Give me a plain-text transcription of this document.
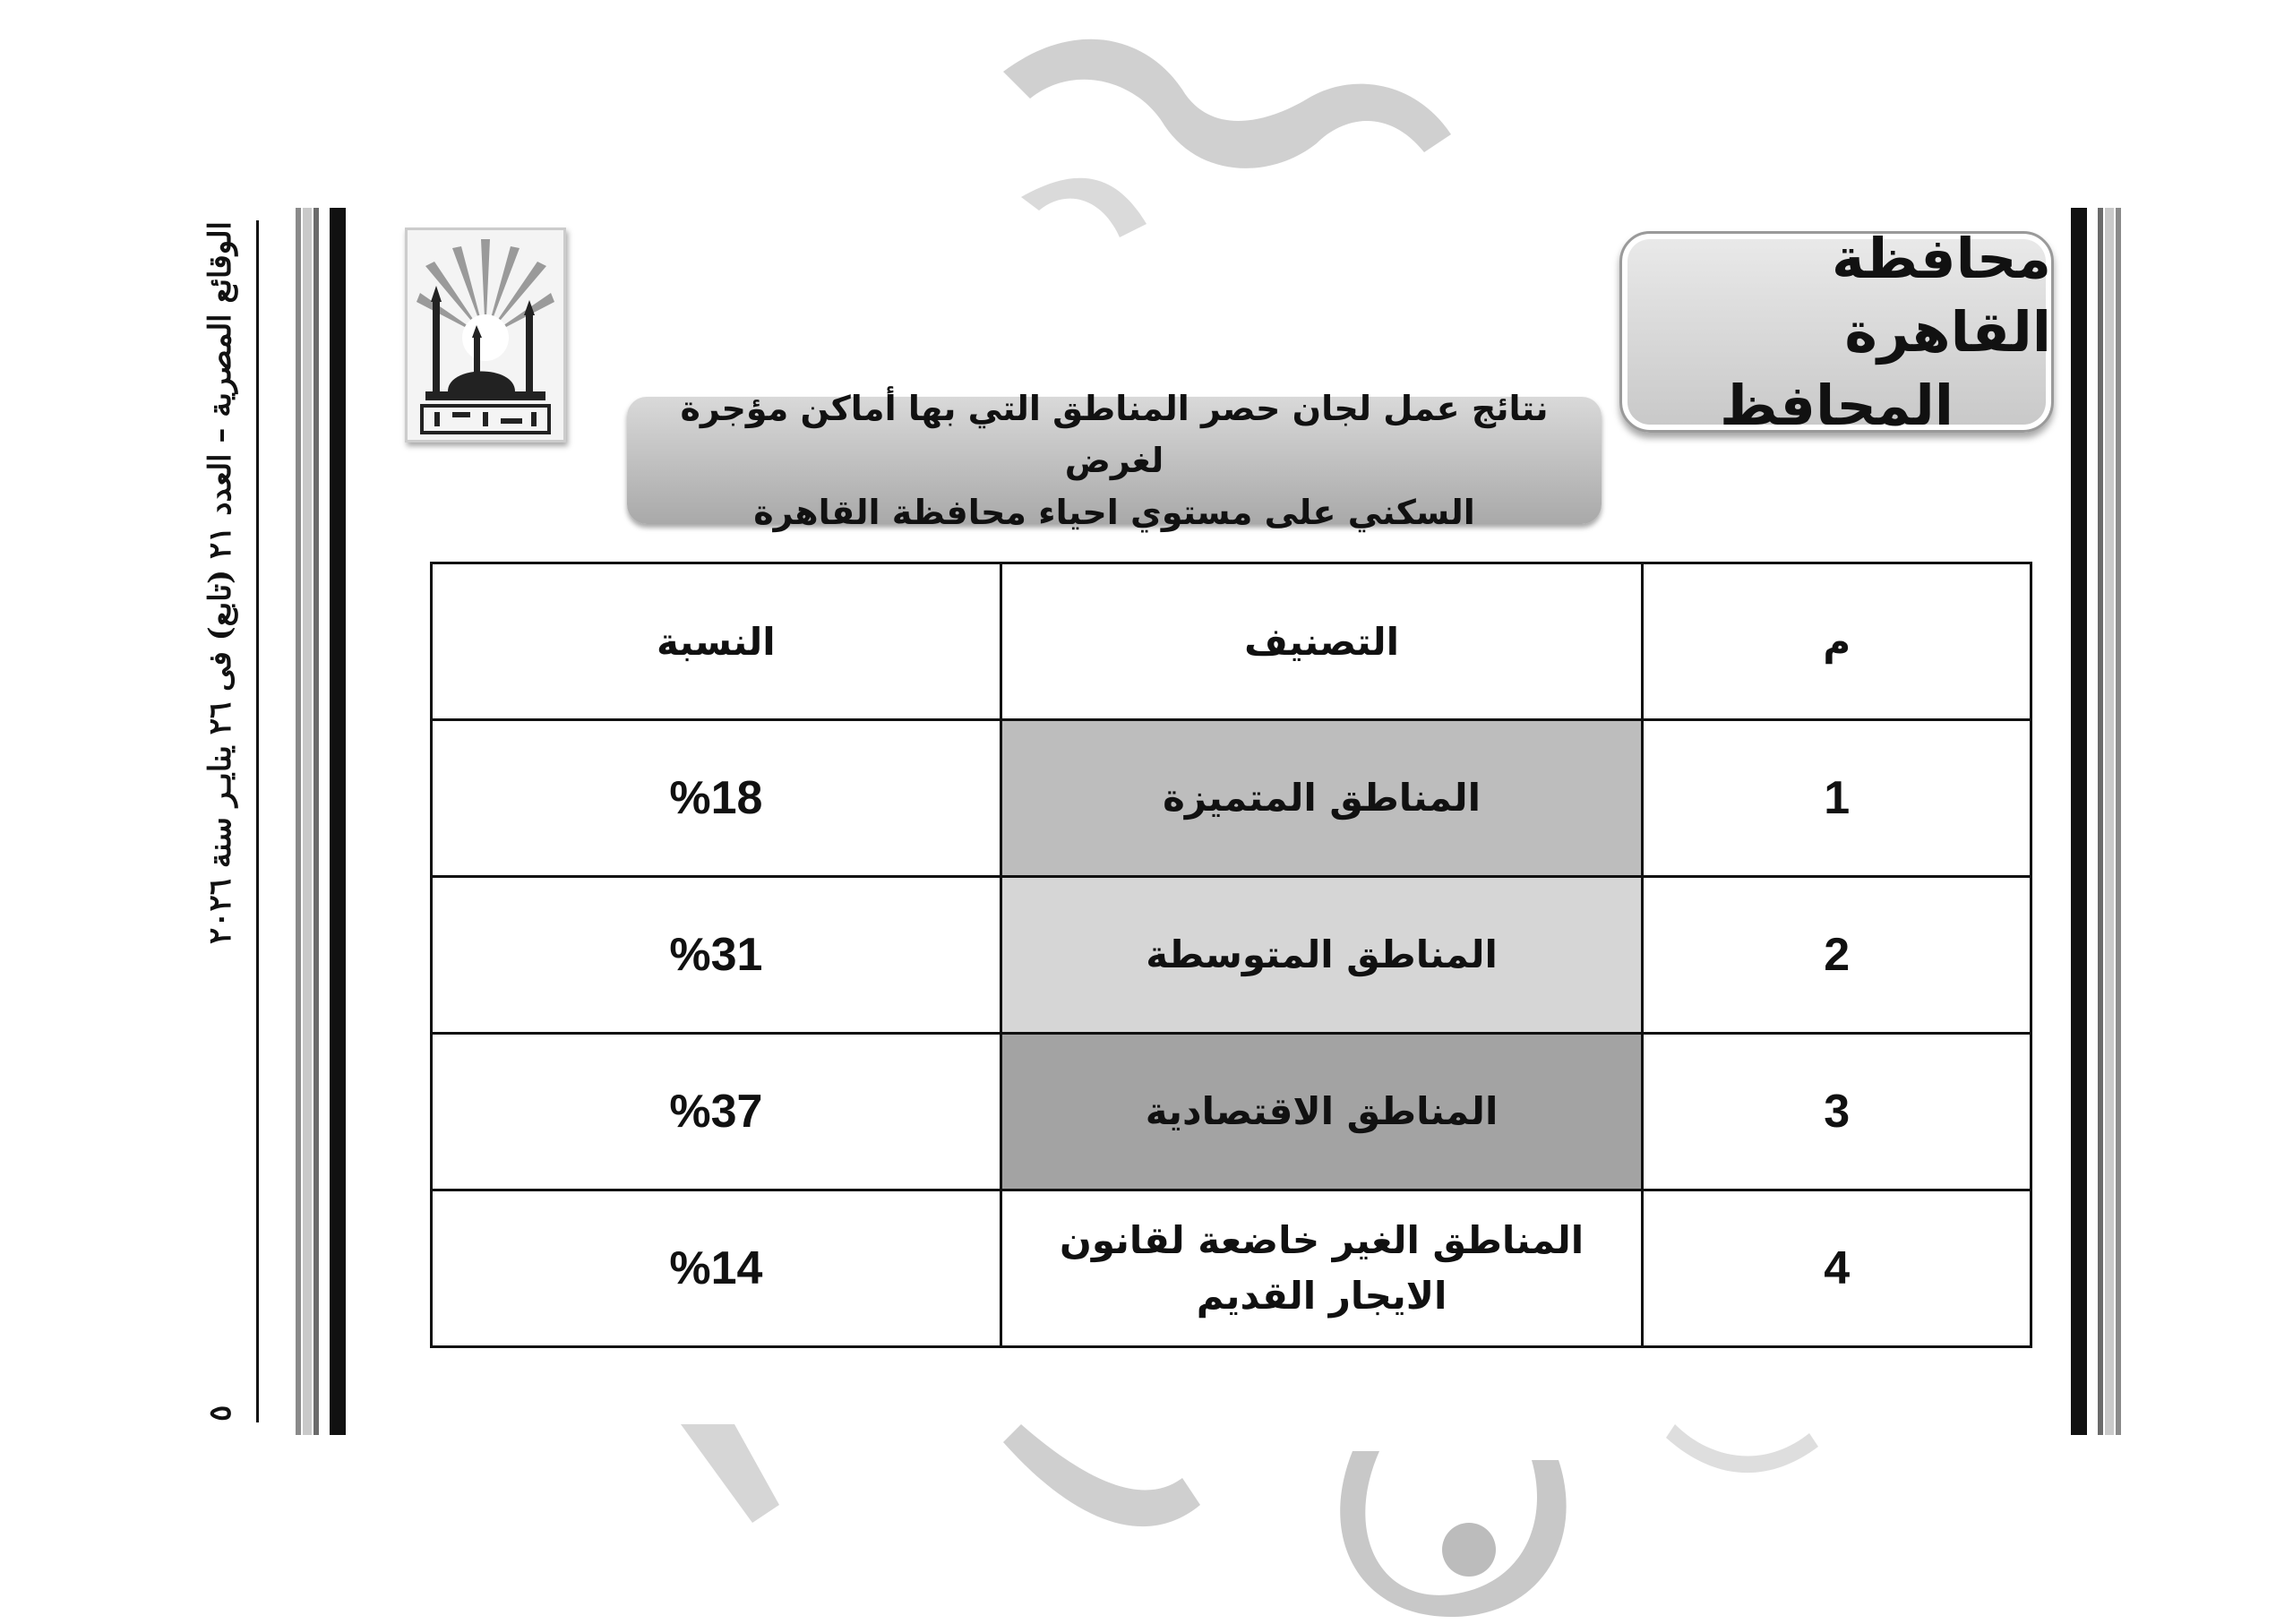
الوقائع المصرية – العدد ٢١ (تابع) فى ٢٦ ينايـر سنة ٢٠٢٦
٥
محافظة القاهرة
المحافظ
نتائج عمل لجان حصر المناطق التي بها أماكن مؤجرة لغرض
السكني على مستوي احياء محافظة القاهرة
م	التصنيف	النسبة
1	المناطق المتميزة	%18
2	المناطق المتوسطة	%31
3	المناطق الاقتصادية	%37
4	المناطق الغير خاضعة لقانون الايجار القديم	%14
